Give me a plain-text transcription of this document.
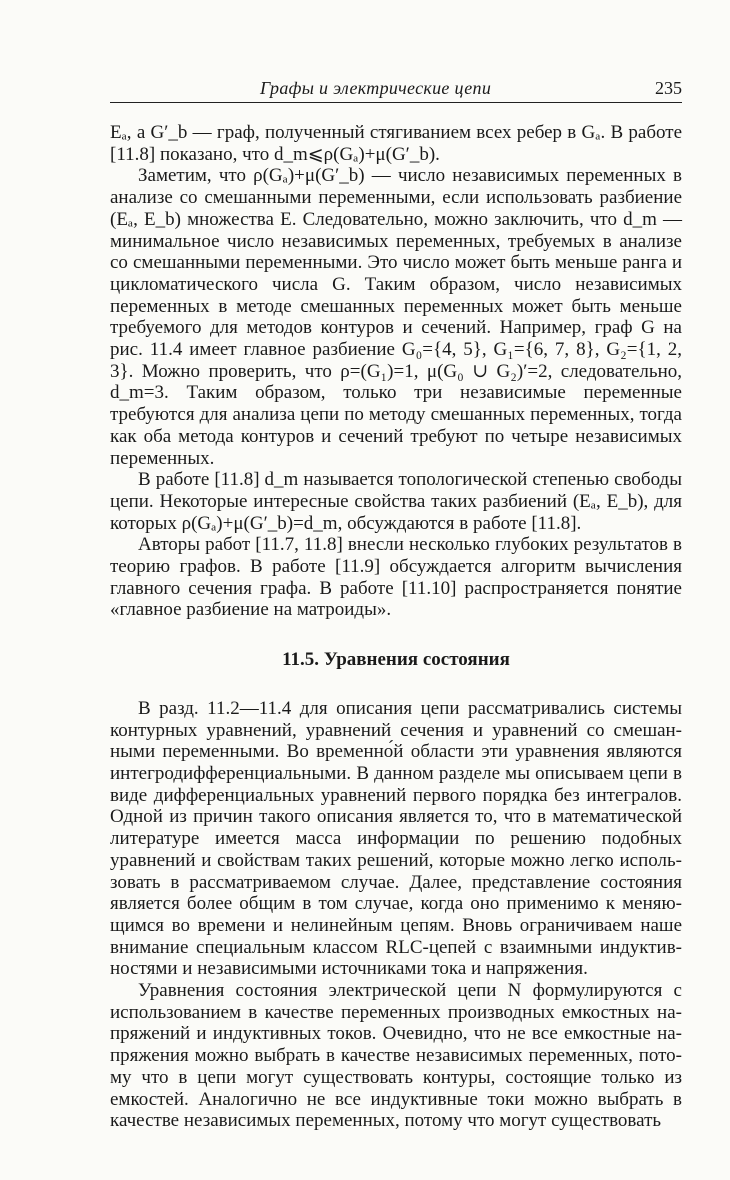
Графы и электрические цепи	235

Eₐ, а G′_b — граф, полученный стягиванием всех ребер в Gₐ. В работе [11.8] показано, что d_m⩽ρ(Gₐ)+μ(G′_b).

Заметим, что ρ(Gₐ)+μ(G′_b) — число независимых переменных в анализе со смешанными переменными, если использовать разбиение (Eₐ, E_b) множества E. Следовательно, можно заключить, что d_m — минимальное число независимых переменных, требуемых в анализе со смешанными переменными. Это число может быть меньше ранга и цикломатического числа G. Таким образом, число независимых переменных в методе смешанных переменных может быть меньше требуемого для методов контуров и сечений. Например, граф G на рис. 11.4 имеет главное разбиение G₀={4, 5}, G₁={6, 7, 8}, G₂={1, 2, 3}. Можно проверить, что ρ=(G₁)=1, μ(G₀ ∪ G₂)′=2, следовательно, d_m=3. Таким образом, только три независимые переменные требуются для анализа цепи по методу смешанных переменных, тогда как оба метода контуров и сечений требуют по четыре независимых переменных.

В работе [11.8] d_m называется топологической степенью свободы цепи. Некоторые интересные свойства таких разбиений (Eₐ, E_b), для которых ρ(Gₐ)+μ(G′_b)=d_m, обсуждаются в работе [11.8].

Авторы работ [11.7, 11.8] внесли несколько глубоких результатов в теорию графов. В работе [11.9] обсуждается алгоритм вычисления главного сечения графа. В работе [11.10] распространяется понятие «главное разбиение на матроиды».

11.5. Уравнения состояния

В разд. 11.2—11.4 для описания цепи рассматривались системы контурных уравнений, уравнений сечения и уравнений со смешанными переменными. Во временно́й области эти уравнения являются интегродифференциальными. В данном разделе мы описываем цепи в виде дифференциальных уравнений первого порядка без интегралов. Одной из причин такого описания является то, что в математической литературе имеется масса информации по решению подобных уравнений и свойствам таких решений, которые можно легко использовать в рассматриваемом случае. Далее, представление состояния является более общим в том случае, когда оно применимо к меняющимся во времени и нелинейным цепям. Вновь ограничиваем наше внимание специальным классом RLC-цепей с взаимными индуктивностями и независимыми источниками тока и напряжения.

Уравнения состояния электрической цепи N формулируются с использованием в качестве переменных производных емкостных напряжений и индуктивных токов. Очевидно, что не все емкостные напряжения можно выбрать в качестве независимых переменных, потому что в цепи могут существовать контуры, состоящие только из емкостей. Аналогично не все индуктивные токи можно выбрать в качестве независимых переменных, потому что могут существовать
